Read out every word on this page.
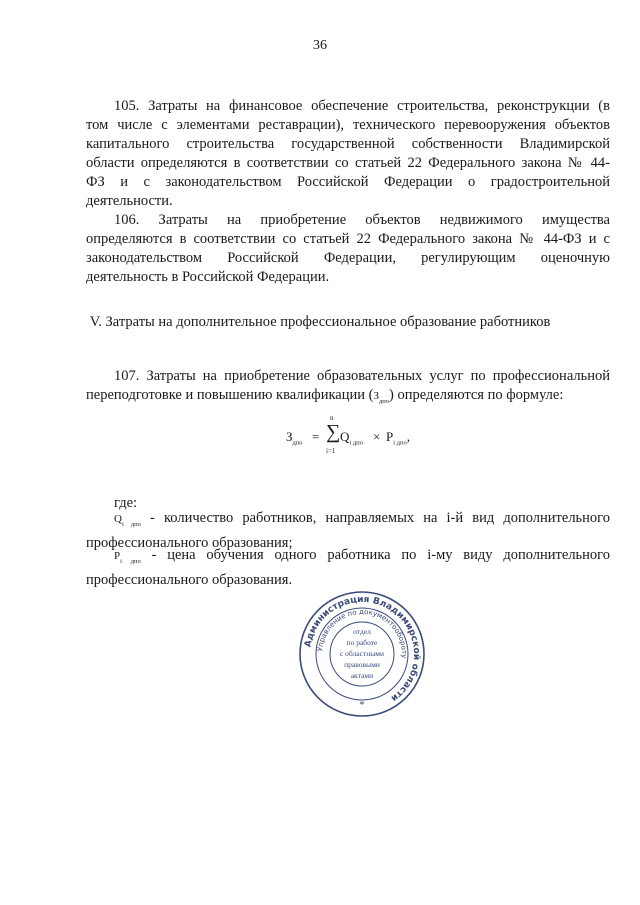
36
105. Затраты на финансовое обеспечение строительства, реконструкции (в
том числе с элементами реставрации), технического перевооружения объектов
капитального строительства государственной собственности Владимирской
области определяются в соответствии со статьей 22 Федерального закона № 44-
ФЗ и с законодательством Российской Федерации о градостроительной
деятельности.
106. Затраты на приобретение объектов недвижимого имущества
определяются в соответствии со статьей 22 Федерального закона № 44-ФЗ и с
законодательством Российской Федерации, регулирующим оценочную
деятельность в Российской Федерации.
V. Затраты на дополнительное профессиональное образование работников
107. Затраты на приобретение образовательных услуг по профессиональной
переподготовке и повышению квалификации $(З_{дпо})$ определяются по формуле:
$З_{дпо}$ =
n
∑
i=1
$Q_{i дпо} \times P_{i дпо}$,
где:
$Q_{i дпо}$ - количество работников, направляемых на i-й вид дополнительного
профессионального образования;
$P_{i дпо}$ - цена обучения одного работника по i-му виду дополнительного
профессионального образования.
Администрация Владимирской области
Управление по документообороту
отдел
по работе
с областными
правовыми
актами
*
